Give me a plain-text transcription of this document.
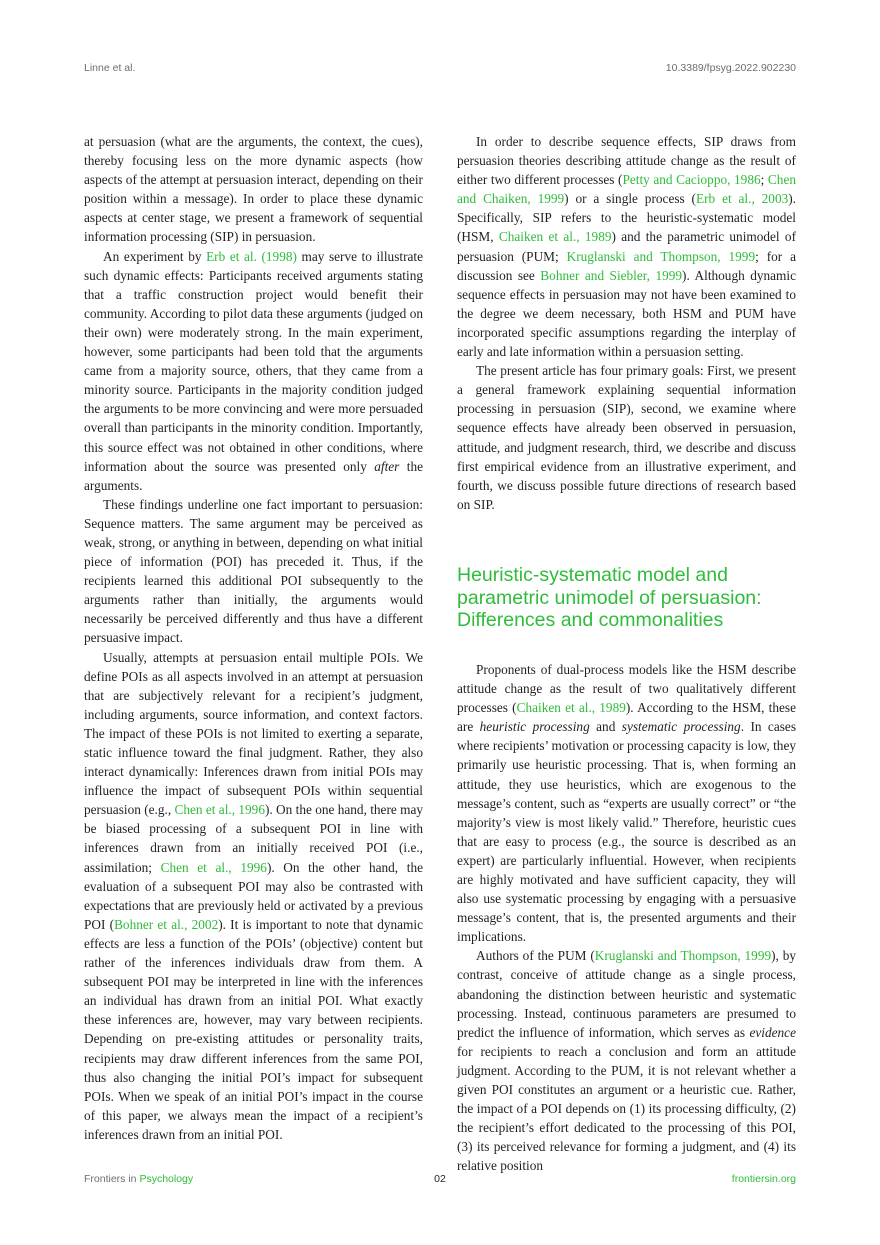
Linne et al.	10.3389/fpsyg.2022.902230

at persuasion (what are the arguments, the context, the cues), thereby focusing less on the more dynamic aspects (how aspects of the attempt at persuasion interact, depending on their position within a message). In order to place these dynamic aspects at center stage, we present a framework of sequential information processing (SIP) in persuasion.

An experiment by Erb et al. (1998) may serve to illustrate such dynamic effects: Participants received arguments stating that a traffic construction project would benefit their community. According to pilot data these arguments (judged on their own) were moderately strong. In the main experiment, however, some participants had been told that the arguments came from a majority source, others, that they came from a minority source. Participants in the majority condition judged the arguments to be more convincing and were more persuaded overall than participants in the minority condition. Importantly, this source effect was not obtained in other conditions, where information about the source was presented only after the arguments.

These findings underline one fact important to persuasion: Sequence matters. The same argument may be perceived as weak, strong, or anything in between, depending on what initial piece of information (POI) has preceded it. Thus, if the recipients learned this additional POI subsequently to the arguments rather than initially, the arguments would necessarily be perceived differently and thus have a different persuasive impact.

Usually, attempts at persuasion entail multiple POIs. We define POIs as all aspects involved in an attempt at persuasion that are subjectively relevant for a recipient’s judgment, including arguments, source information, and context factors. The impact of these POIs is not limited to exerting a separate, static influence toward the final judgment. Rather, they also interact dynamically: Inferences drawn from initial POIs may influence the impact of subsequent POIs within sequential persuasion (e.g., Chen et al., 1996). On the one hand, there may be biased processing of a subsequent POI in line with inferences drawn from an initially received POI (i.e., assimilation; Chen et al., 1996). On the other hand, the evaluation of a subsequent POI may also be contrasted with expectations that are previously held or activated by a previous POI (Bohner et al., 2002). It is important to note that dynamic effects are less a function of the POIs’ (objective) content but rather of the inferences individuals draw from them. A subsequent POI may be interpreted in line with the inferences an individual has drawn from an initial POI. What exactly these inferences are, however, may vary between recipients. Depending on pre-existing attitudes or personality traits, recipients may draw different inferences from the same POI, thus also changing the initial POI’s impact for subsequent POIs. When we speak of an initial POI’s impact in the course of this paper, we always mean the impact of a recipient’s inferences drawn from an initial POI.

In order to describe sequence effects, SIP draws from persuasion theories describing attitude change as the result of either two different processes (Petty and Cacioppo, 1986; Chen and Chaiken, 1999) or a single process (Erb et al., 2003). Specifically, SIP refers to the heuristic-systematic model (HSM, Chaiken et al., 1989) and the parametric unimodel of persuasion (PUM; Kruglanski and Thompson, 1999; for a discussion see Bohner and Siebler, 1999). Although dynamic sequence effects in persuasion may not have been examined to the degree we deem necessary, both HSM and PUM have incorporated specific assumptions regarding the interplay of early and late information within a persuasion setting.

The present article has four primary goals: First, we present a general framework explaining sequential information processing in persuasion (SIP), second, we examine where sequence effects have already been observed in persuasion, attitude, and judgment research, third, we describe and discuss first empirical evidence from an illustrative experiment, and fourth, we discuss possible future directions of research based on SIP.

Heuristic-systematic model and parametric unimodel of persuasion: Differences and commonalities

Proponents of dual-process models like the HSM describe attitude change as the result of two qualitatively different processes (Chaiken et al., 1989). According to the HSM, these are heuristic processing and systematic processing. In cases where recipients’ motivation or processing capacity is low, they primarily use heuristic processing. That is, when forming an attitude, they use heuristics, which are exogenous to the message’s content, such as “experts are usually correct” or “the majority’s view is most likely valid.” Therefore, heuristic cues that are easy to process (e.g., the source is described as an expert) are particularly influential. However, when recipients are highly motivated and have sufficient capacity, they will also use systematic processing by engaging with a persuasive message’s content, that is, the presented arguments and their implications.

Authors of the PUM (Kruglanski and Thompson, 1999), by contrast, conceive of attitude change as a single process, abandoning the distinction between heuristic and systematic processing. Instead, continuous parameters are presumed to predict the influence of information, which serves as evidence for recipients to reach a conclusion and form an attitude judgment. According to the PUM, it is not relevant whether a given POI constitutes an argument or a heuristic cue. Rather, the impact of a POI depends on (1) its processing difficulty, (2) the recipient’s effort dedicated to the processing of this POI, (3) its perceived relevance for forming a judgment, and (4) its relative position

Frontiers in Psychology	02	frontiersin.org
